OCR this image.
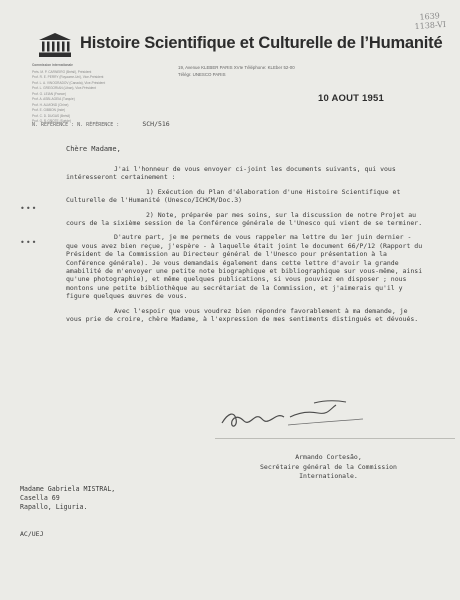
Histoire Scientifique et Culturelle de l’Humanité
1639
1138-VI
19, Avenue KLEBER PARIS XVIe Téléphone: KLEber 52-00
Télégr. UNESCO PARIS
10 AOUT 1951
Commission internationale
Prés. M. P. CARNEIRO (Brésil), Président
Prof. R. E. PERRY (Royaume-Uni), Vice-Président
Prof. L. A. VINOGRADOV (Canada), Vice-Président
Prof. L. GREGORIAN (Liban), Vice-Président
Prof. G. LEIAN (France)
Prof. A. ASBI-AGEIA (Turquie)
Prof. H. ALMOND (Chine)
Prof. E. GIBBON (Inde)
Prof. C. D. DUGAS (Brésil)
Prof. G. P. GROTE (Suède)
N. RÉFÉRENCE : N. RÉFÉRENCE :	SCH/516
Chère Madame,

J'ai l'honneur de vous envoyer ci-joint les documents suivants, qui vous intéresseront certainement :

1) Exécution du Plan d'élaboration d'une Histoire Scientifique et Culturelle de l'Humanité (Unesco/ICHCM/Doc.3)

2) Note, préparée par mes soins, sur la discussion de notre Projet au cours de la sixième session de la Conférence générale de l'Unesco qui vient de se terminer.

D'autre part, je me permets de vous rappeler ma lettre du 1er juin dernier - que vous avez bien reçue, j'espère - à laquelle était joint le document 66/P/12 (Rapport du Président de la Commission au Directeur général de l'Unesco pour présentation à la Conférence générale). Je vous demandais également dans cette lettre d'avoir la grande amabilité de m'envoyer une petite note biographique et bibliographique sur vous-même, ainsi qu'une photographie), et même quelques publications, si vous pouviez en disposer ; nous montons une petite bibliothèque au secrétariat de la Commission, et j'aimerais qu'il y figure quelques œuvres de vous.

Avec l'espoir que vous voudrez bien répondre favorablement à ma demande, je vous prie de croire, chère Madame, à l'expression de mes sentiments distingués et dévoués.

•••
•••
Armando Cortesão,
Secrétaire général de la Commission
Internationale.
Madame Gabriela MISTRAL,
Casella 69
Rapallo, Liguria.
AC/UEJ
